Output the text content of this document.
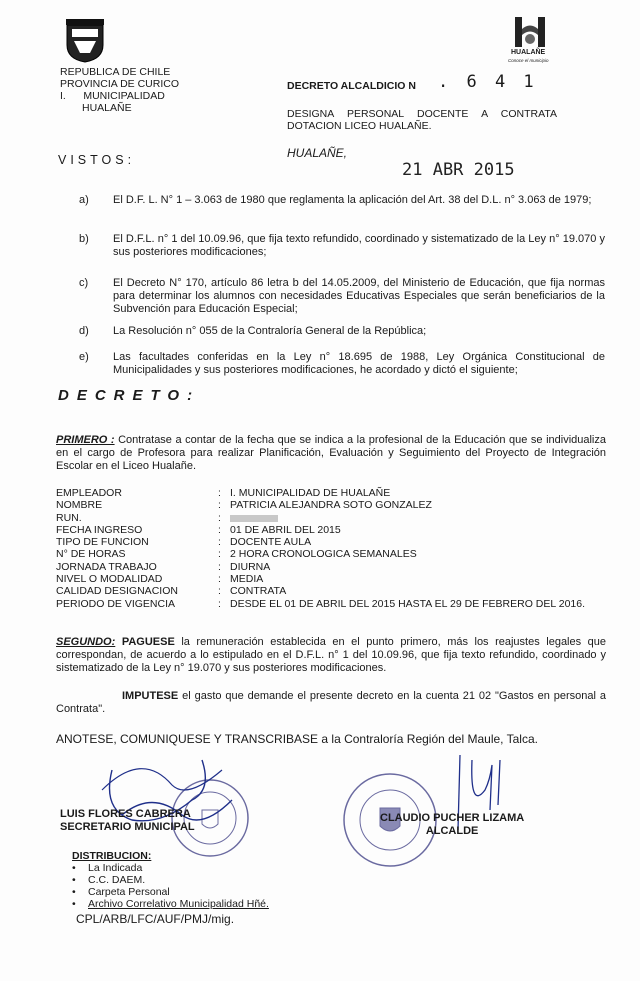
HUALAÑE
Conoce el municipio
REPUBLICA DE CHILE
PROVINCIA DE CURICO
I.      MUNICIPALIDAD
HUALAÑE
DECRETO ALCALDICIO N . 6 4 1
DESIGNA PERSONAL DOCENTE A CONTRATA DOTACION LICEO HUALAÑE.
HUALAÑE,
21 ABR 2015
VISTOS:
a) El D.F. L. N° 1 – 3.063 de 1980 que reglamenta la aplicación del Art. 38 del D.L. n° 3.063 de 1979;
b) El D.F.L. n° 1 del 10.09.96, que fija texto refundido, coordinado y sistematizado de la Ley n° 19.070 y sus posteriores modificaciones;
c) El Decreto N° 170, artículo 86 letra b del 14.05.2009, del Ministerio de Educación, que fija normas para determinar los alumnos con necesidades Educativas Especiales que serán beneficiarios de la Subvención para Educación Especial;
d) La Resolución n° 055 de la Contraloría General de la República;
e) Las facultades conferidas en la Ley n° 18.695 de 1988, Ley Orgánica Constitucional de Municipalidades y sus posteriores modificaciones, he acordado y dictó el siguiente;
DECRETO:
PRIMERO : Contratase a contar de la fecha que se indica a la profesional de la Educación que se individualiza en el cargo de Profesora para realizar Planificación, Evaluación y Seguimiento del Proyecto de Integración Escolar en el Liceo Hualañe.
EMPLEADOR
NOMBRE
RUN.
FECHA INGRESO
TIPO DE FUNCION
N° DE HORAS
JORNADA TRABAJO
NIVEL O MODALIDAD
CALIDAD DESIGNACION
PERIODO DE VIGENCIA
:
:
:
:
:
:
:
:
:
:
I. MUNICIPALIDAD DE HUALAÑE
PATRICIA ALEJANDRA SOTO GONZALEZ
01 DE ABRIL DEL 2015
DOCENTE AULA
2 HORA CRONOLOGICA SEMANALES
DIURNA
MEDIA
CONTRATA
DESDE EL 01 DE ABRIL DEL 2015 HASTA EL 29 DE FEBRERO DEL 2016.
SEGUNDO: PAGUESE la remuneración establecida en el punto primero, más los reajustes legales que correspondan, de acuerdo a lo estipulado en el D.F.L. n° 1 del 10.09.96, que fija texto refundido, coordinado y sistematizado de la Ley n° 19.070 y sus posteriores modificaciones.
IMPUTESE el gasto que demande el presente decreto en la cuenta 21 02 "Gastos en personal a Contrata".
ANOTESE, COMUNIQUESE Y TRANSCRIBASE a la Contraloría Región del Maule, Talca.
LUIS FLORES CABRERA
SECRETARIO MUNICIPAL
CLAUDIO PUCHER LIZAMA
ALCALDE
DISTRIBUCION:
• La Indicada
• C.C. DAEM.
• Carpeta Personal
• Archivo Correlativo Municipalidad Hñé.
CPL/ARB/LFC/AUF/PMJ/mig.
